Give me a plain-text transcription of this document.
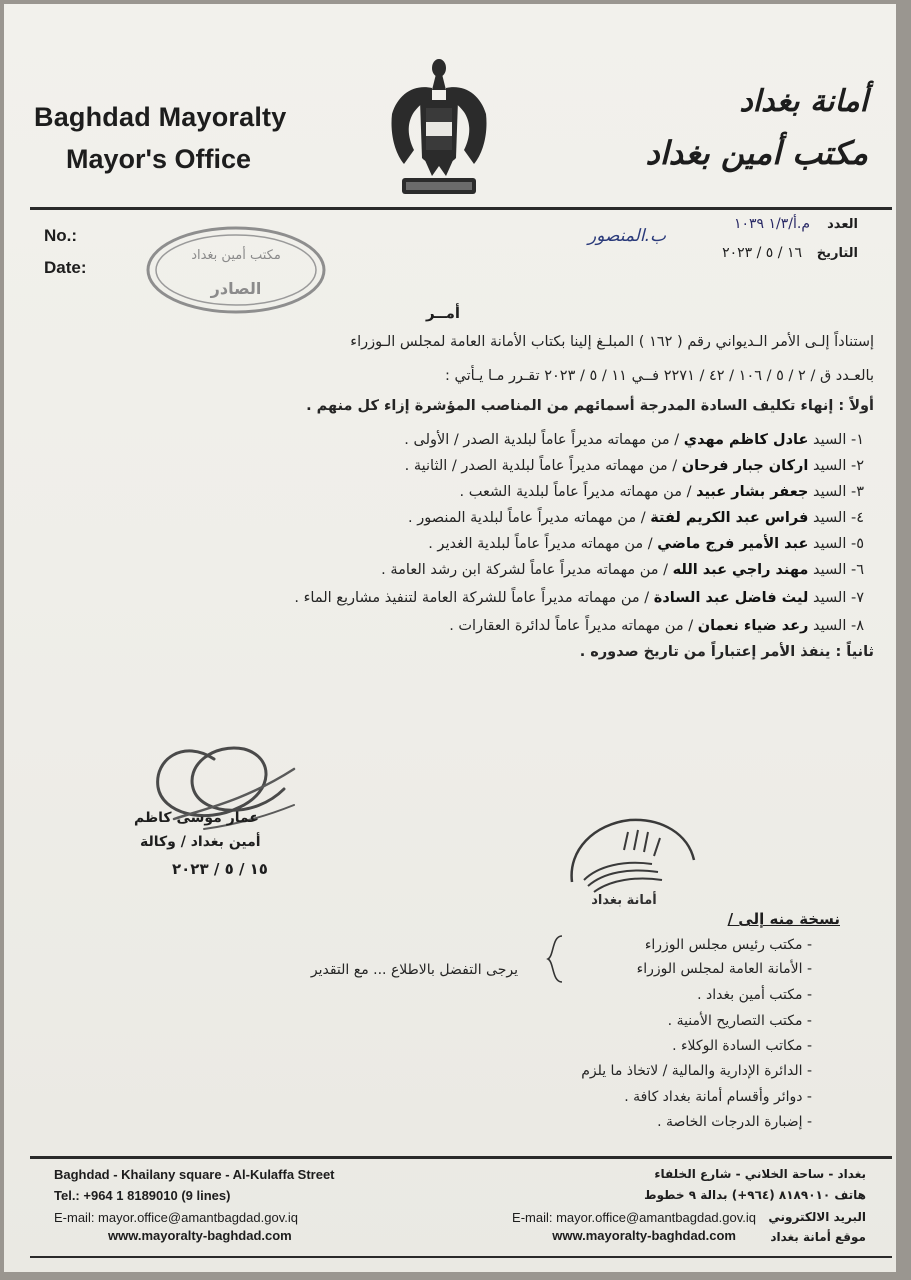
Baghdad Mayoralty
Mayor's Office
أمانة بغداد
مكتب أمين بغداد
No.:
Date:
مكتب أمين بغداد
الصادر
العدد
م.أ/١/٣ ١٠٣٩
ب.المنصور
التاريخ
١٦ / ٥ / ٢٠٢٣
أمــر
إستناداً إلـى الأمر الـديواني رقم ( ١٦٢ ) المبلـغ إلينا بكتاب الأمانة العامة لمجلس الـوزراء
بالعـدد ق / ٢ / ٥ / ١٠٦ / ٤٢ / ٢٢٧١ فــي ١١ / ٥ / ٢٠٢٣ تقـرر مـا يـأتي :
أولاً : إنهاء تكليف السادة المدرجة أسمائهم من المناصب المؤشرة إزاء كل منهم .
١- السيد عادل كاظم مهدي / من مهماته مديراً عاماً لبلدية الصدر / الأولى .
٢- السيد اركان جبار فرحان / من مهماته مديراً عاماً لبلدية الصدر / الثانية .
٣- السيد جعفر بشار عبيد / من مهماته مديراً عاماً لبلدية الشعب .
٤- السيد فراس عبد الكريم لفتة / من مهماته مديراً عاماً لبلدية المنصور .
٥- السيد عبد الأمير فرج ماضي / من مهماته مديراً عاماً لبلدية الغدير .
٦- السيد مهند راجي عبد الله / من مهماته مديراً عاماً لشركة ابن رشد العامة .
٧- السيد ليث فاضل عبد السادة / من مهماته مديراً عاماً للشركة العامة لتنفيذ مشاريع الماء .
٨- السيد رعد ضياء نعمان / من مهماته مديراً عاماً لدائرة العقارات .
ثانياً : ينفذ الأمر إعتباراً من تاريخ صدوره .
عمار موسى كاظم
أمين بغداد / وكالة
١٥ / ٥ / ٢٠٢٣
أمانة بغداد
نسخة منه إلى /
- مكتب رئيس مجلس الوزراء
- الأمانة العامة لمجلس الوزراء
- مكتب أمين بغداد .
- مكتب التصاريح الأمنية .
- مكاتب السادة الوكلاء .
- الدائرة الإدارية والمالية / لاتخاذ ما يلزم
- دوائر وأقسام أمانة بغداد كافة .
- إضبارة الدرجات الخاصة .
يرجى التفضل بالاطلاع ... مع التقدير
Baghdad - Khailany square - Al-Kulaffa Street
Tel.: +964 1 8189010 (9 lines)
E-mail: mayor.office@amantbagdad.gov.iq
www.mayoralty-baghdad.com
بغداد - ساحة الخلاني - شارع الخلفاء
هاتف ٨١٨٩٠١٠ (٩٦٤+) بدالة ٩ خطوط
البريد الالكتروني
E-mail: mayor.office@amantbagdad.gov.iq
موقع أمانة بغداد
www.mayoralty-baghdad.com
